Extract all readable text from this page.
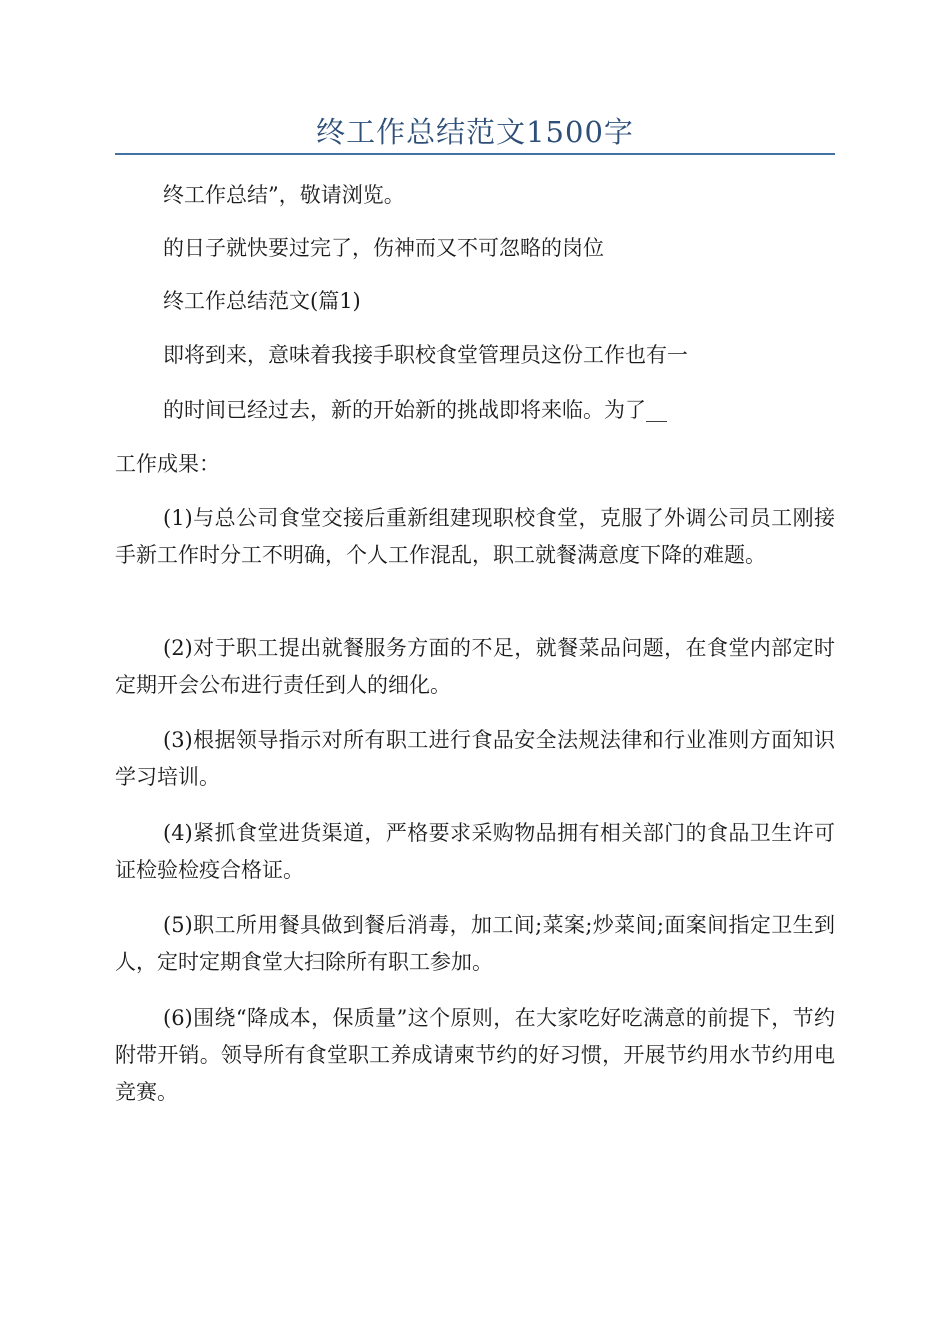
终工作总结范文1500字

终工作总结”，敬请浏览。

的日子就快要过完了，伤神而又不可忽略的岗位

终工作总结范文(篇1)

即将到来，意味着我接手职校食堂管理员这份工作也有一

的时间已经过去，新的开始新的挑战即将来临。为了__

工作成果：

(1)与总公司食堂交接后重新组建现职校食堂，克服了外调公司员工刚接手新工作时分工不明确，个人工作混乱，职工就餐满意度下降的难题。

(2)对于职工提出就餐服务方面的不足，就餐菜品问题，在食堂内部定时定期开会公布进行责任到人的细化。

(3)根据领导指示对所有职工进行食品安全法规法律和行业准则方面知识学习培训。

(4)紧抓食堂进货渠道，严格要求采购物品拥有相关部门的食品卫生许可证检验检疫合格证。

(5)职工所用餐具做到餐后消毒，加工间;菜案;炒菜间;面案间指定卫生到人，定时定期食堂大扫除所有职工参加。

(6)围绕“降成本，保质量”这个原则，在大家吃好吃满意的前提下，节约附带开销。领导所有食堂职工养成请柬节约的好习惯，开展节约用水节约用电竞赛。
